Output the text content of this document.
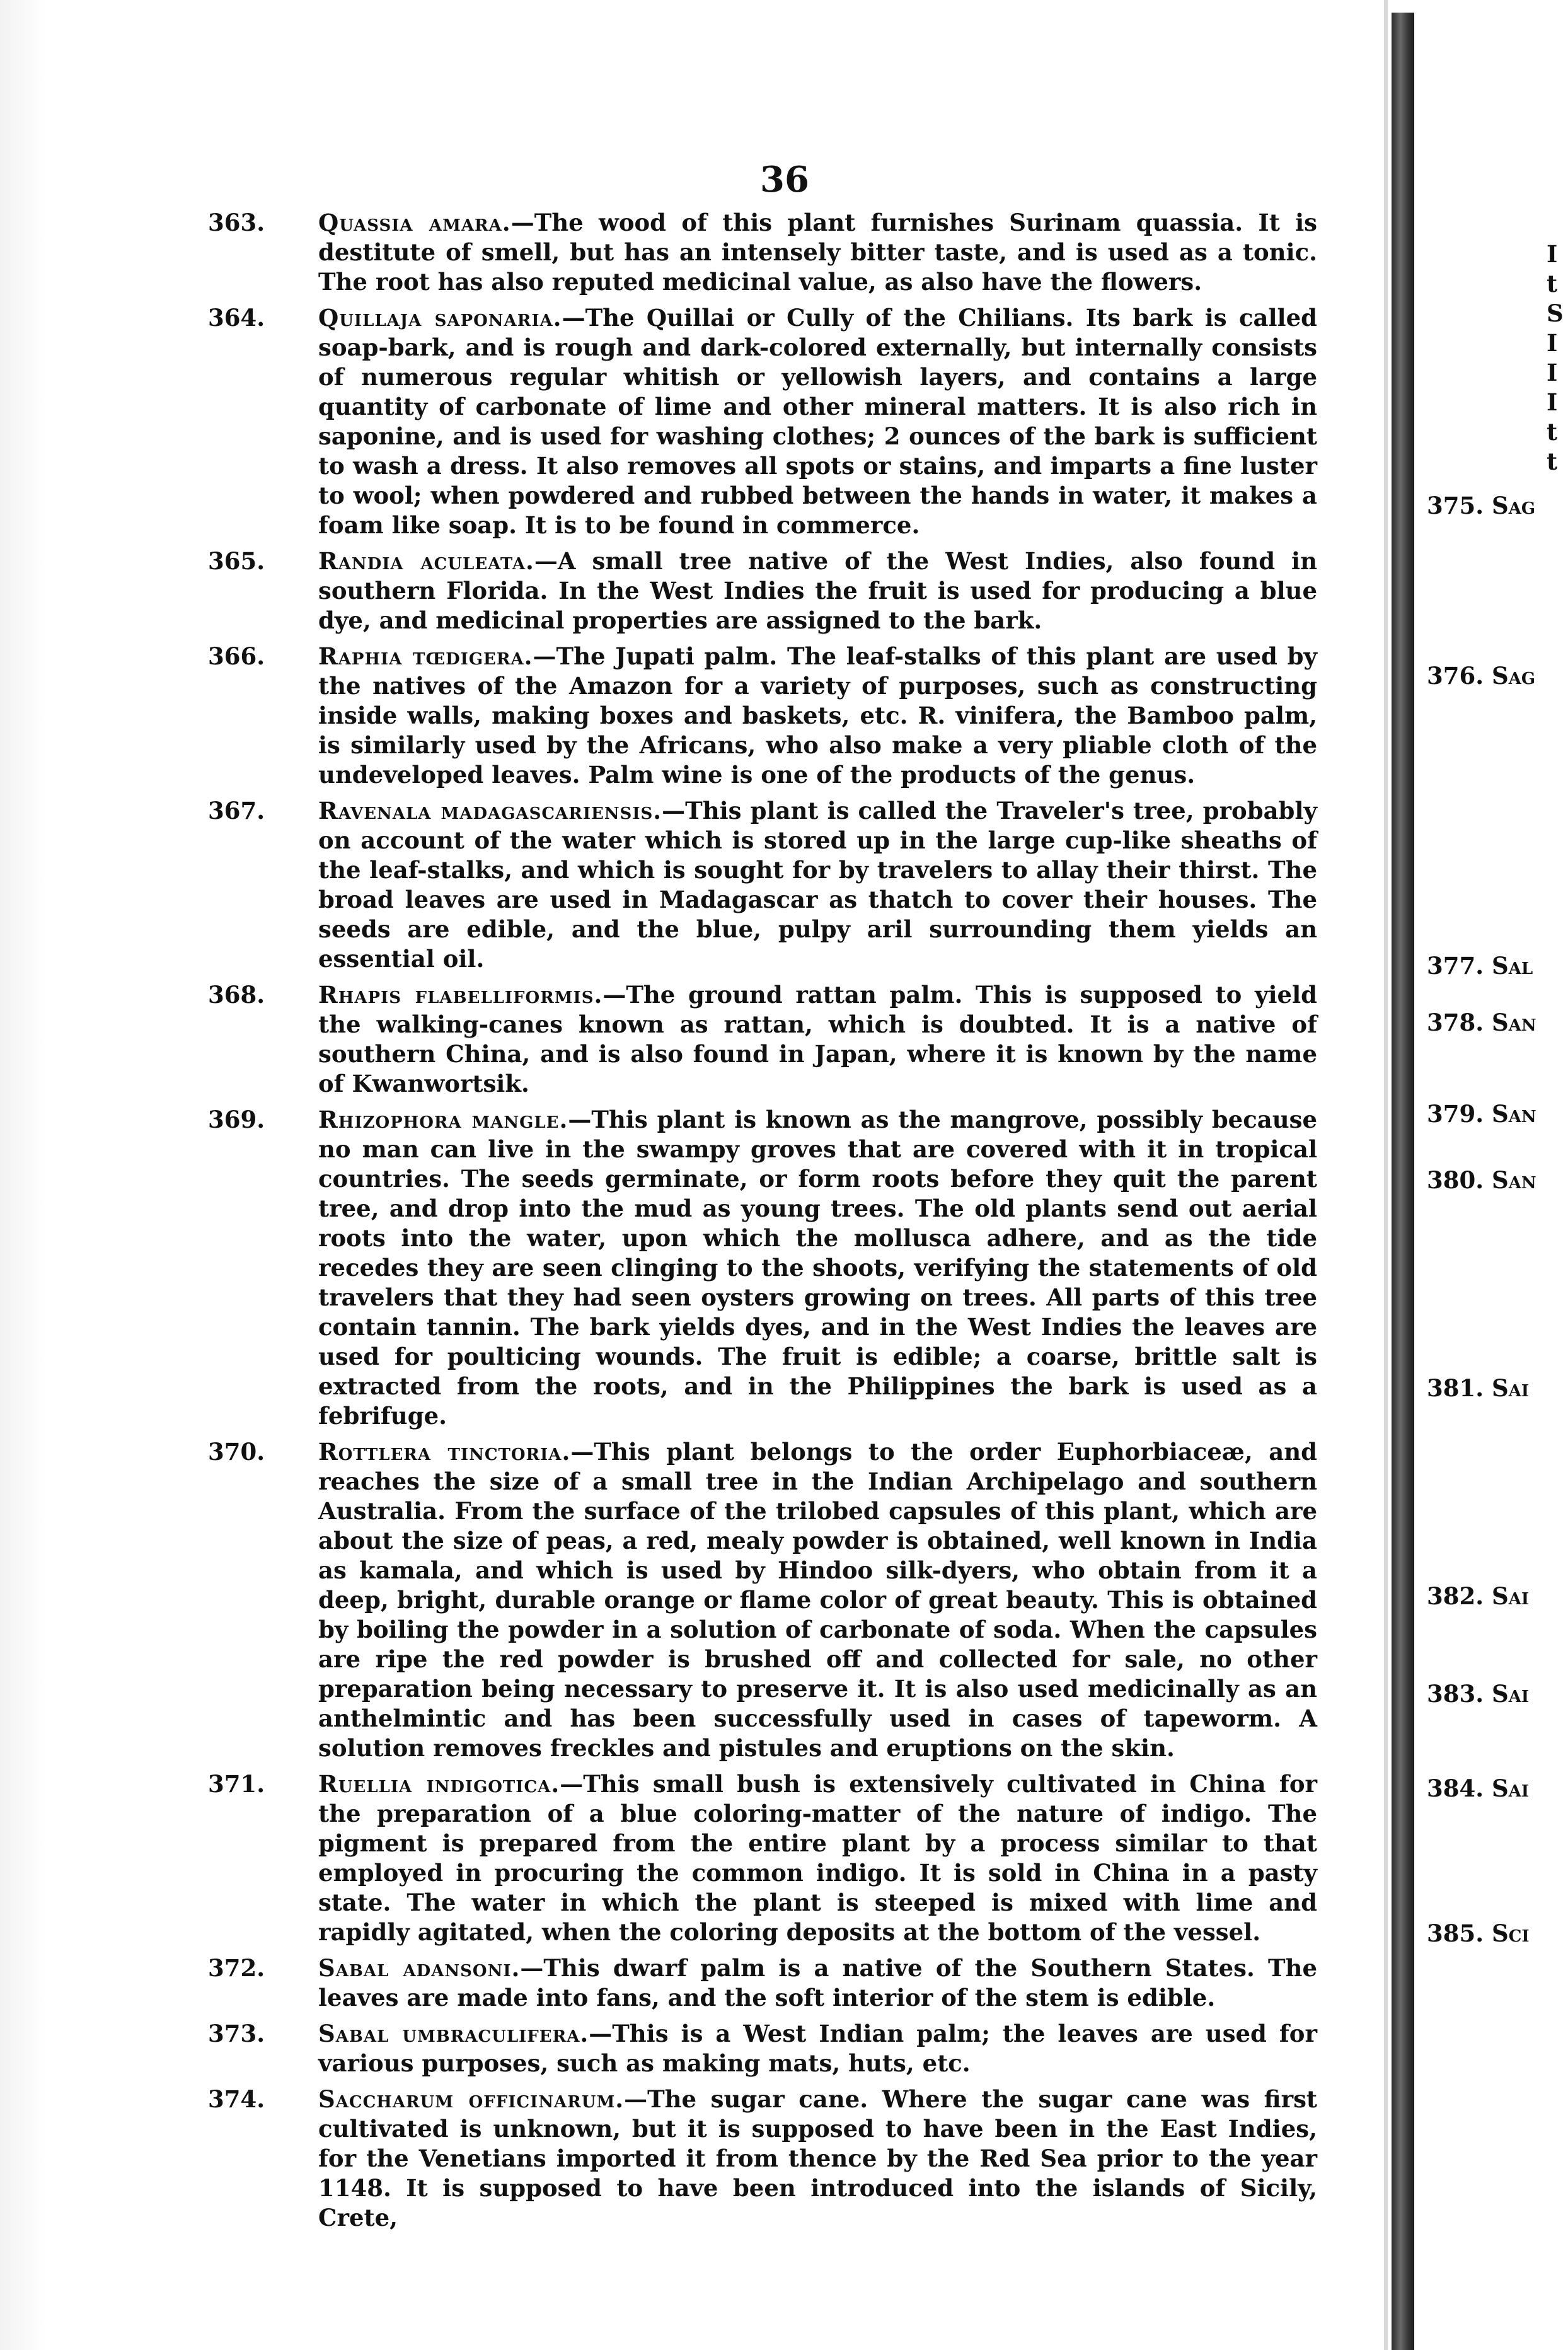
36
363.	Quassia amara.—The wood of this plant furnishes Surinam quassia. It is destitute of smell, but has an intensely bitter taste, and is used as a tonic. The root has also reputed medicinal value, as also have the flowers.
364.	Quillaja saponaria.—The Quillai or Cully of the Chilians. Its bark is called soap-bark, and is rough and dark-colored externally, but internally consists of numerous regular whitish or yellowish layers, and contains a large quantity of carbonate of lime and other mineral matters. It is also rich in saponine, and is used for washing clothes; 2 ounces of the bark is sufficient to wash a dress. It also removes all spots or stains, and imparts a fine luster to wool; when powdered and rubbed between the hands in water, it makes a foam like soap. It is to be found in commerce.
365.	Randia aculeata.—A small tree native of the West Indies, also found in southern Florida. In the West Indies the fruit is used for producing a blue dye, and medicinal properties are assigned to the bark.
366.	Raphia tœdigera.—The Jupati palm. The leaf-stalks of this plant are used by the natives of the Amazon for a variety of purposes, such as constructing inside walls, making boxes and baskets, etc. R. vinifera, the Bamboo palm, is similarly used by the Africans, who also make a very pliable cloth of the undeveloped leaves. Palm wine is one of the products of the genus.
367.	Ravenala madagascariensis.—This plant is called the Traveler's tree, probably on account of the water which is stored up in the large cup-like sheaths of the leaf-stalks, and which is sought for by travelers to allay their thirst. The broad leaves are used in Madagascar as thatch to cover their houses. The seeds are edible, and the blue, pulpy aril surrounding them yields an essential oil.
368.	Rhapis flabelliformis.—The ground rattan palm. This is supposed to yield the walking-canes known as rattan, which is doubted. It is a native of southern China, and is also found in Japan, where it is known by the name of Kwanwortsik.
369.	Rhizophora mangle.—This plant is known as the mangrove, possibly because no man can live in the swampy groves that are covered with it in tropical countries. The seeds germinate, or form roots before they quit the parent tree, and drop into the mud as young trees. The old plants send out aerial roots into the water, upon which the mollusca adhere, and as the tide recedes they are seen clinging to the shoots, verifying the statements of old travelers that they had seen oysters growing on trees. All parts of this tree contain tannin. The bark yields dyes, and in the West Indies the leaves are used for poulticing wounds. The fruit is edible; a coarse, brittle salt is extracted from the roots, and in the Philippines the bark is used as a febrifuge.
370.	Rottlera tinctoria.—This plant belongs to the order Euphorbiaceæ, and reaches the size of a small tree in the Indian Archipelago and southern Australia. From the surface of the trilobed capsules of this plant, which are about the size of peas, a red, mealy powder is obtained, well known in India as kamala, and which is used by Hindoo silk-dyers, who obtain from it a deep, bright, durable orange or flame color of great beauty. This is obtained by boiling the powder in a solution of carbonate of soda. When the capsules are ripe the red powder is brushed off and collected for sale, no other preparation being necessary to preserve it. It is also used medicinally as an anthelmintic and has been successfully used in cases of tapeworm. A solution removes freckles and pistules and eruptions on the skin.
371.	Ruellia indigotica.—This small bush is extensively cultivated in China for the preparation of a blue coloring-matter of the nature of indigo. The pigment is prepared from the entire plant by a process similar to that employed in procuring the common indigo. It is sold in China in a pasty state. The water in which the plant is steeped is mixed with lime and rapidly agitated, when the coloring deposits at the bottom of the vessel.
372.	Sabal adansoni.—This dwarf palm is a native of the Southern States. The leaves are made into fans, and the soft interior of the stem is edible.
373.	Sabal umbraculifera.—This is a West Indian palm; the leaves are used for various purposes, such as making mats, huts, etc.
374.	Saccharum officinarum.—The sugar cane. Where the sugar cane was first cultivated is unknown, but it is supposed to have been in the East Indies, for the Venetians imported it from thence by the Red Sea prior to the year 1148. It is supposed to have been introduced into the islands of Sicily, Crete,
I
t
S
I
I
I
t
t
375. Sag
376. Sag
377. Sal
378. San
379. San
380. San
381. Sai
382. Sai
383. Sai
384. Sai
385. Sci
